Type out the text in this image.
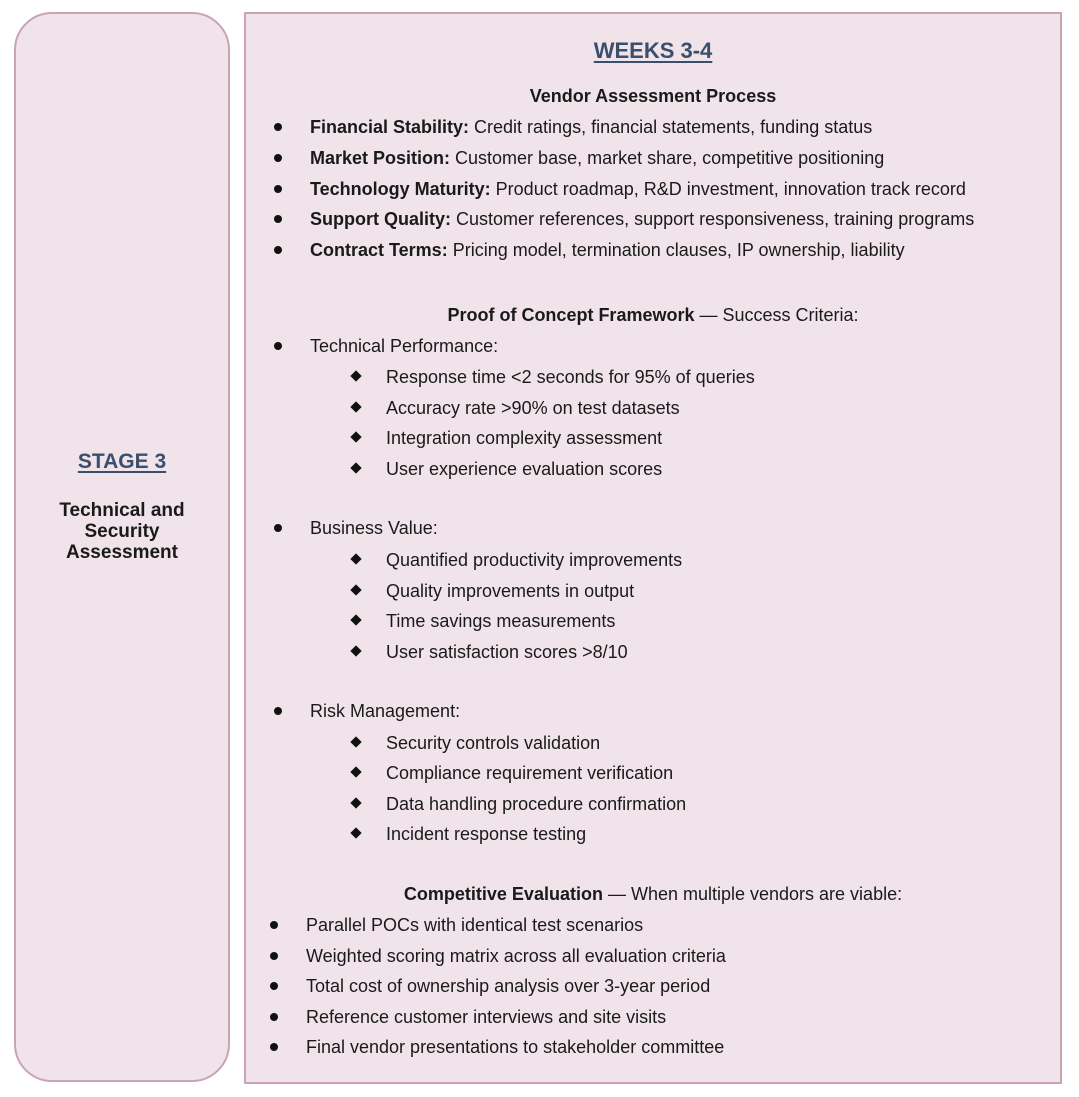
STAGE 3
Technical and Security Assessment
WEEKS 3-4
Vendor Assessment Process
Financial Stability: Credit ratings, financial statements, funding status
Market Position: Customer base, market share, competitive positioning
Technology Maturity: Product roadmap, R&D investment, innovation track record
Support Quality: Customer references, support responsiveness, training programs
Contract Terms: Pricing model, termination clauses, IP ownership, liability
Proof of Concept Framework — Success Criteria:
Technical Performance:
Response time <2 seconds for 95% of queries
Accuracy rate >90% on test datasets
Integration complexity assessment
User experience evaluation scores
Business Value:
Quantified productivity improvements
Quality improvements in output
Time savings measurements
User satisfaction scores >8/10
Risk Management:
Security controls validation
Compliance requirement verification
Data handling procedure confirmation
Incident response testing
Competitive Evaluation — When multiple vendors are viable:
Parallel POCs with identical test scenarios
Weighted scoring matrix across all evaluation criteria
Total cost of ownership analysis over 3-year period
Reference customer interviews and site visits
Final vendor presentations to stakeholder committee
